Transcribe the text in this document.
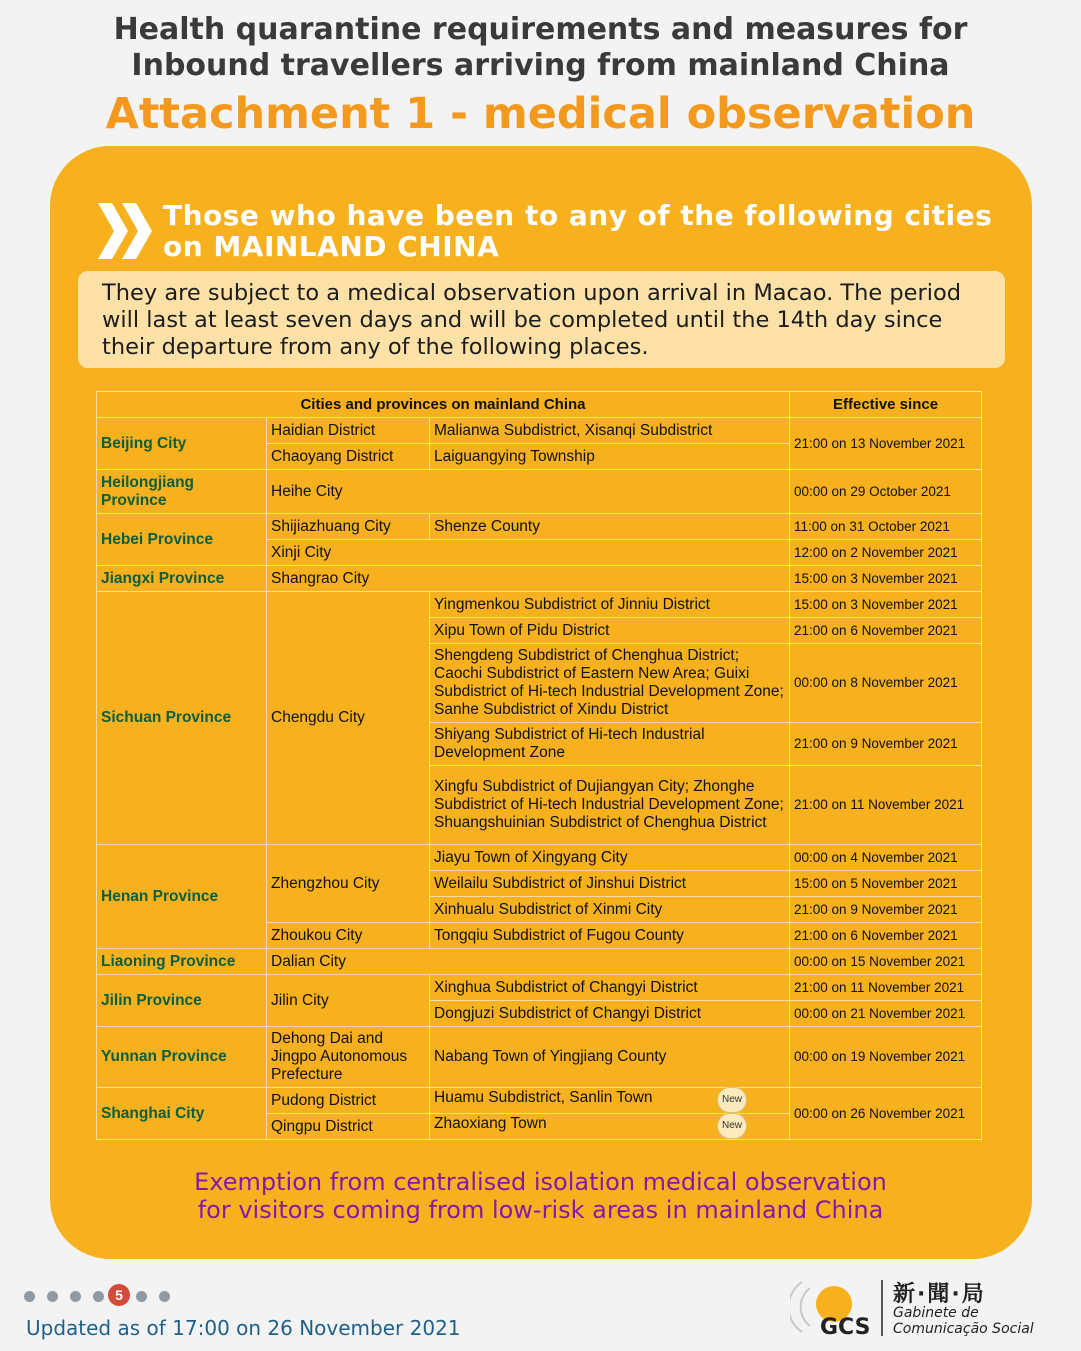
Health quarantine requirements and measures for
Inbound travellers arriving from mainland China
Attachment 1 - medical observation
Those who have been to any of the following cities on MAINLAND CHINA

They are subject to a medical observation upon arrival in Macao. The period will last at least seven days and will be completed until the 14th day since their departure from any of the following places.

Cities and provinces on mainland China			Effective since
Beijing City	Haidian District	Malianwa Subdistrict, Xisanqi Subdistrict	21:00 on 13 November 2021
	Chaoyang District	Laiguangying Township	
Heilongjiang Province	Heihe City		00:00 on 29 October 2021
Hebei Province	Shijiazhuang City	Shenze County	11:00 on 31 October 2021
	Xinji City		12:00 on 2 November 2021
Jiangxi Province	Shangrao City		15:00 on 3 November 2021
Sichuan Province	Chengdu City	Yingmenkou Subdistrict of Jinniu District	15:00 on 3 November 2021
		Xipu Town of Pidu District	21:00 on 6 November 2021
		Shengdeng Subdistrict of Chenghua District; Caochi Subdistrict of Eastern New Area; Guixi Subdistrict of Hi-tech Industrial Development Zone; Sanhe Subdistrict of Xindu District	00:00 on 8 November 2021
		Shiyang Subdistrict of Hi-tech Industrial Development Zone	21:00 on 9 November 2021
		Xingfu Subdistrict of Dujiangyan City; Zhonghe Subdistrict of Hi-tech Industrial Development Zone; Shuangshuinian Subdistrict of Chenghua District	21:00 on 11 November 2021
Henan Province	Zhengzhou City	Jiayu Town of Xingyang City	00:00 on 4 November 2021
		Weilailu Subdistrict of Jinshui District	15:00 on 5 November 2021
		Xinhualu Subdistrict of Xinmi City	21:00 on 9 November 2021
	Zhoukou City	Tongqiu Subdistrict of Fugou County	21:00 on 6 November 2021
Liaoning Province	Dalian City		00:00 on 15 November 2021
Jilin Province	Jilin City	Xinghua Subdistrict of Changyi District	21:00 on 11 November 2021
		Dongjuzi Subdistrict of Changyi District	00:00 on 21 November 2021
Yunnan Province	Dehong Dai and Jingpo Autonomous Prefecture	Nabang Town of Yingjiang County	00:00 on 19 November 2021
Shanghai City	Pudong District	Huamu Subdistrict, Sanlin Town New	00:00 on 26 November 2021
	Qingpu District	Zhaoxiang Town New	
Exemption from centralised isolation medical observation
for visitors coming from low-risk areas in mainland China
5
Updated as of 17:00 on 26 November 2021	GCS
新·聞·局
Gabinete de
Comunicação Social
